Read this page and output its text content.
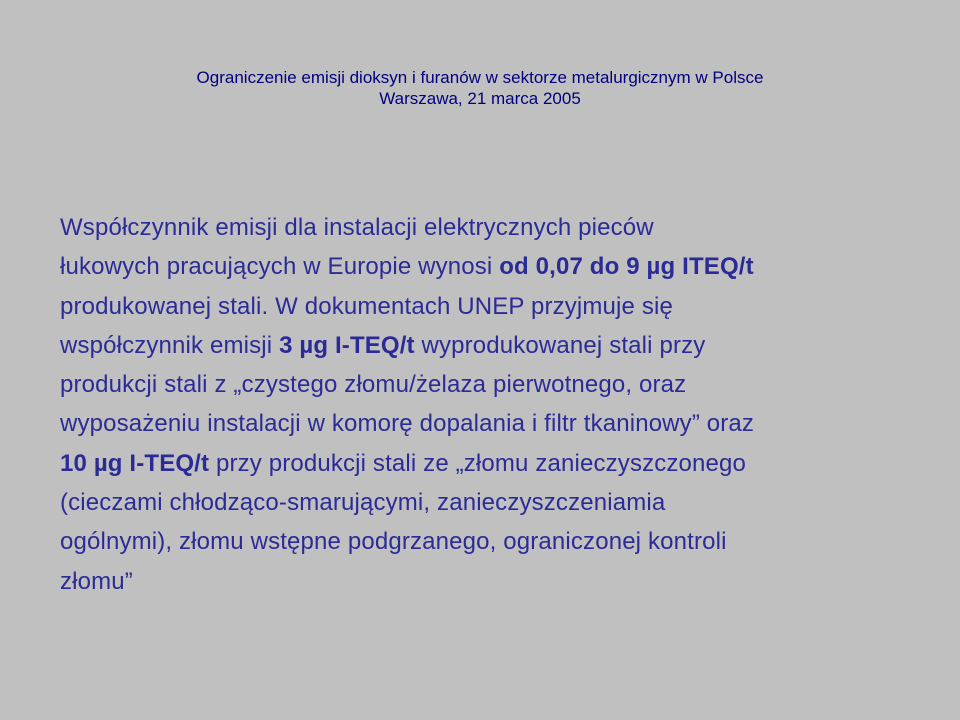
Ograniczenie emisji dioksyn i furanów w sektorze metalurgicznym w Polsce
Warszawa, 21 marca 2005
Współczynnik emisji dla instalacji elektrycznych pieców
łukowych pracujących w Europie wynosi od 0,07 do 9 µg ITEQ/t
produkowanej stali. W dokumentach UNEP przyjmuje się
współczynnik emisji 3 µg I-TEQ/t wyprodukowanej stali przy
produkcji stali z „czystego złomu/żelaza pierwotnego, oraz
wyposażeniu instalacji w komorę dopalania i filtr tkaninowy” oraz
10 µg I-TEQ/t przy produkcji stali ze „złomu zanieczyszczonego
(cieczami chłodząco-smarującymi, zanieczyszczeniamia
ogólnymi), złomu wstępne podgrzanego, ograniczonej kontroli
złomu”
